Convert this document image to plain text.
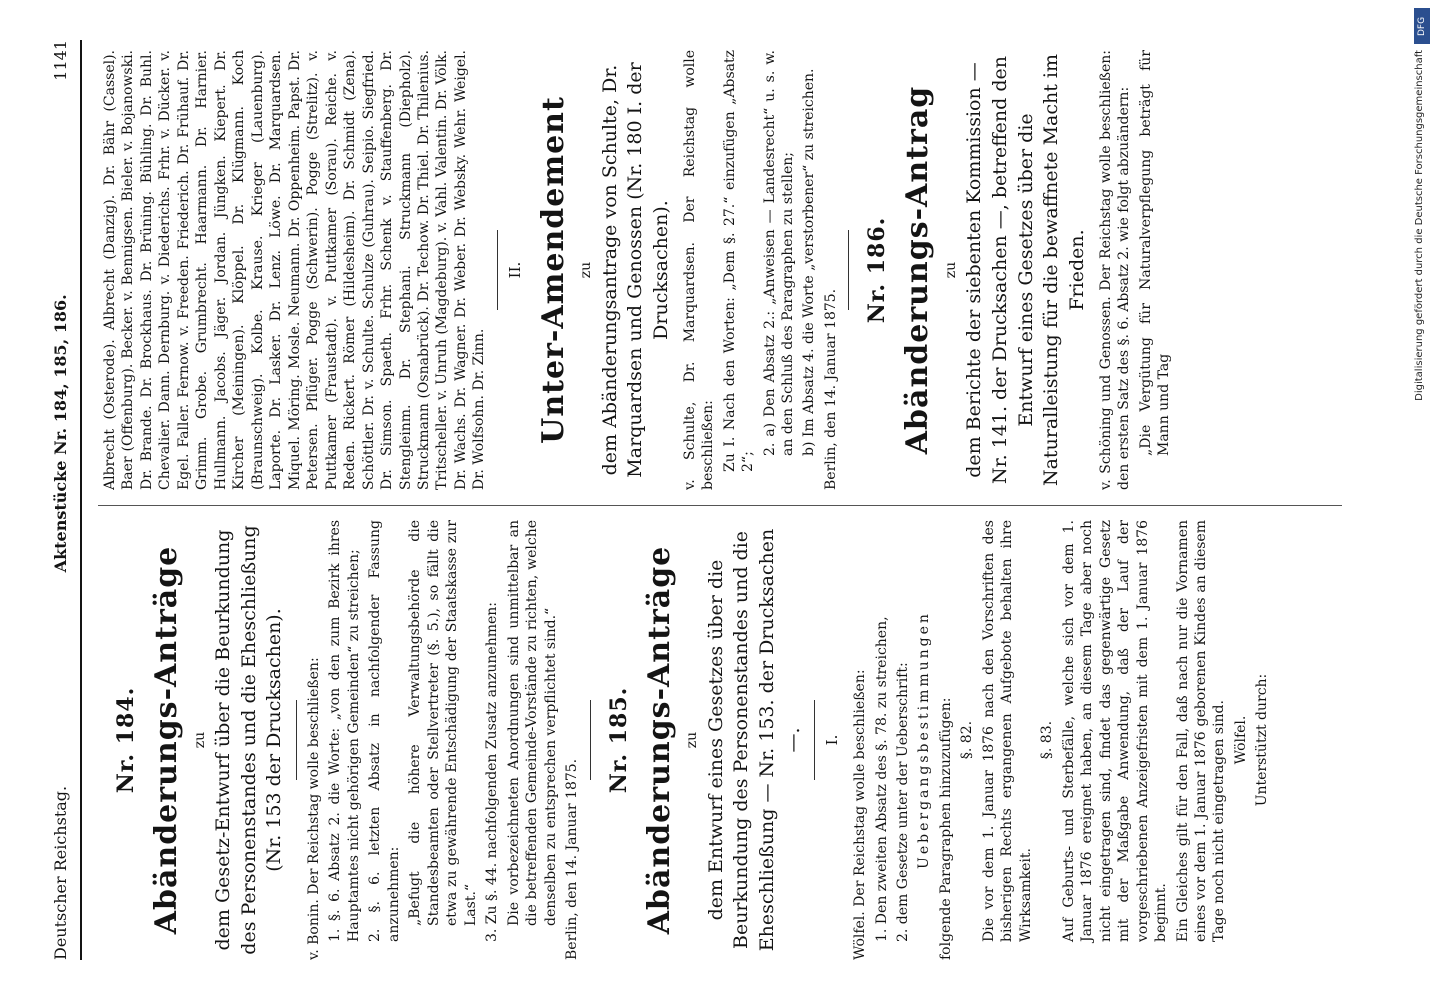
Deutscher Reichstag.
Aktenstücke Nr. 184, 185, 186.
1141
Nr. 184. Abänderungs-Anträge zu dem Gesetz-Entwurf über die Beurkundung des Personenstandes und die Eheschließung (Nr. 153 der Drucksachen). v. Bonin. Der Reichstag wolle beschließen: 1. §. 6. Absatz 2. die Worte: „von den zum Bezirk ihres Hauptamtes nicht gehörigen Gemeinden“ zu streichen; 2. §. 6. letzten Absatz in nachfolgender Fassung anzunehmen: „Befugt die höhere Verwaltungsbehörde die Standesbeamten oder Stellvertreter (§. 5.), so fällt die etwa zu gewährende Entschädigung der Staatskasse zur Last.“ 3. Zu §. 44. nachfolgenden Zusatz anzunehmen: Die vorbezeichneten Anordnungen sind unmittelbar an die betreffenden Gemeinde-Vorstände zu richten, welche denselben zu entsprechen verpflichtet sind.“ Berlin, den 14. Januar 1875.

Nr. 185. Abänderungs-Anträge zu dem Entwurf eines Gesetzes über die Beurkundung des Personenstandes und die Eheschließung — Nr. 153. der Drucksachen —. I. Wölfel. Der Reichstag wolle beschließen: 1. Den zweiten Absatz des §. 78. zu streichen, 2. dem Gesetze unter der Ueberschrift: Uebergangsbestimmungen folgende Paragraphen hinzuzufügen: §. 82. Die vor dem 1. Januar 1876 nach den Vorschriften des bisherigen Rechts ergangenen Aufgebote behalten ihre Wirksamkeit.

§. 83. Auf Geburts- und Sterbefälle, welche sich vor dem 1. Januar 1876 ereignet haben, an diesem Tage aber noch nicht eingetragen sind, findet das gegenwärtige Gesetz mit der Maßgabe Anwendung, daß der Lauf der vorgeschriebenen Anzeigefristen mit dem 1. Januar 1876 beginnt. Ein Gleiches gilt für den Fall, daß nach nur die Vornamen eines vor dem 1. Januar 1876 geborenen Kindes an diesem Tage noch nicht eingetragen sind. Wölfel. Unterstützt durch:

Albrecht (Osterode). Albrecht (Danzig). Dr. Bähr (Cassel). Baer (Offenburg). Becker. v. Bennigsen. Bieler. v. Bojanowski. Dr. Brande. Dr. Brockhaus. Dr. Brüning. Bühling. Dr. Buhl. Chevalier. Dann. Dernburg. v. Diederichs. Frhr. v. Dücker. v. Egel. Faller. Fernow. v. Freeden. Friederich. Dr. Frühauf. Dr. Grimm. Grobe. Grumbrecht. Haarmann. Dr. Harnier. Hullmann. Jacobs. Jäger. Jordan. Jüngken. Kiepert. Dr. Kircher (Meiningen). Klöppel. Dr. Klügmann. Koch (Braunschweig). Kolbe. Krause. Krieger (Lauenburg). Laporte. Dr. Lasker. Dr. Lenz. Löwe. Dr. Marquardsen. Miquel. Möring. Mosle. Neumann. Dr. Oppenheim. Papst. Dr. Petersen. Pflüger. Pogge (Schwerin). Pogge (Strelitz). v. Puttkamer (Fraustadt). v. Puttkamer (Sorau). Reiche. v. Reden. Rickert. Römer (Hildesheim). Dr. Schmidt (Zena). Schöttler. Dr. v. Schulte. Schulze (Guhrau). Seipio. Siegfried. Dr. Simson. Spaeth. Frhr. Schenk v. Stauffenberg. Dr. Stengleinm. Dr. Stephani. Struckmann (Diepholz). Struckmann (Osnabrück). Dr. Techow. Dr. Thiel. Dr. Thilenius. Tritscheller. v. Unruh (Magdeburg). v. Vahl. Valentin. Dr. Völk. Dr. Wachs. Dr. Wagner. Dr. Weber. Dr. Websky. Wehr. Weigel. Dr. Wolfsohn. Dr. Zinn.

II. Unter-Amendement zu dem Abänderungsantrage von Schulte, Dr. Marquardsen und Genossen (Nr. 180 I. der Drucksachen). v. Schulte, Dr. Marquardsen. Der Reichstag wolle beschließen: Zu I. Nach den Worten: „Dem §. 27.“ einzufügen „Absatz 2“;

2. a) Den Absatz 2.: „Anweisen — Landesrecht“ u. s. w. an den Schluß des Paragraphen zu stellen; b) Im Absatz 4. die Worte „verstorbener“ zu streichen. Berlin, den 14. Januar 1875.

Nr. 186. Abänderungs-Antrag zu dem Berichte der siebenten Kommission — Nr. 141. der Drucksachen —, betreffend den Entwurf eines Gesetzes über die Naturalleistung für die bewaffnete Macht im Frieden. v. Schöning und Genossen. Der Reichstag wolle beschließen: den ersten Satz des §. 6. Absatz 2. wie folgt abzuändern: „Die Vergütung für Naturalverpflegung beträgt für Mann und Tag

DFG
Digitalisierung gefördert durch die Deutsche Forschungsgemeinschaft
